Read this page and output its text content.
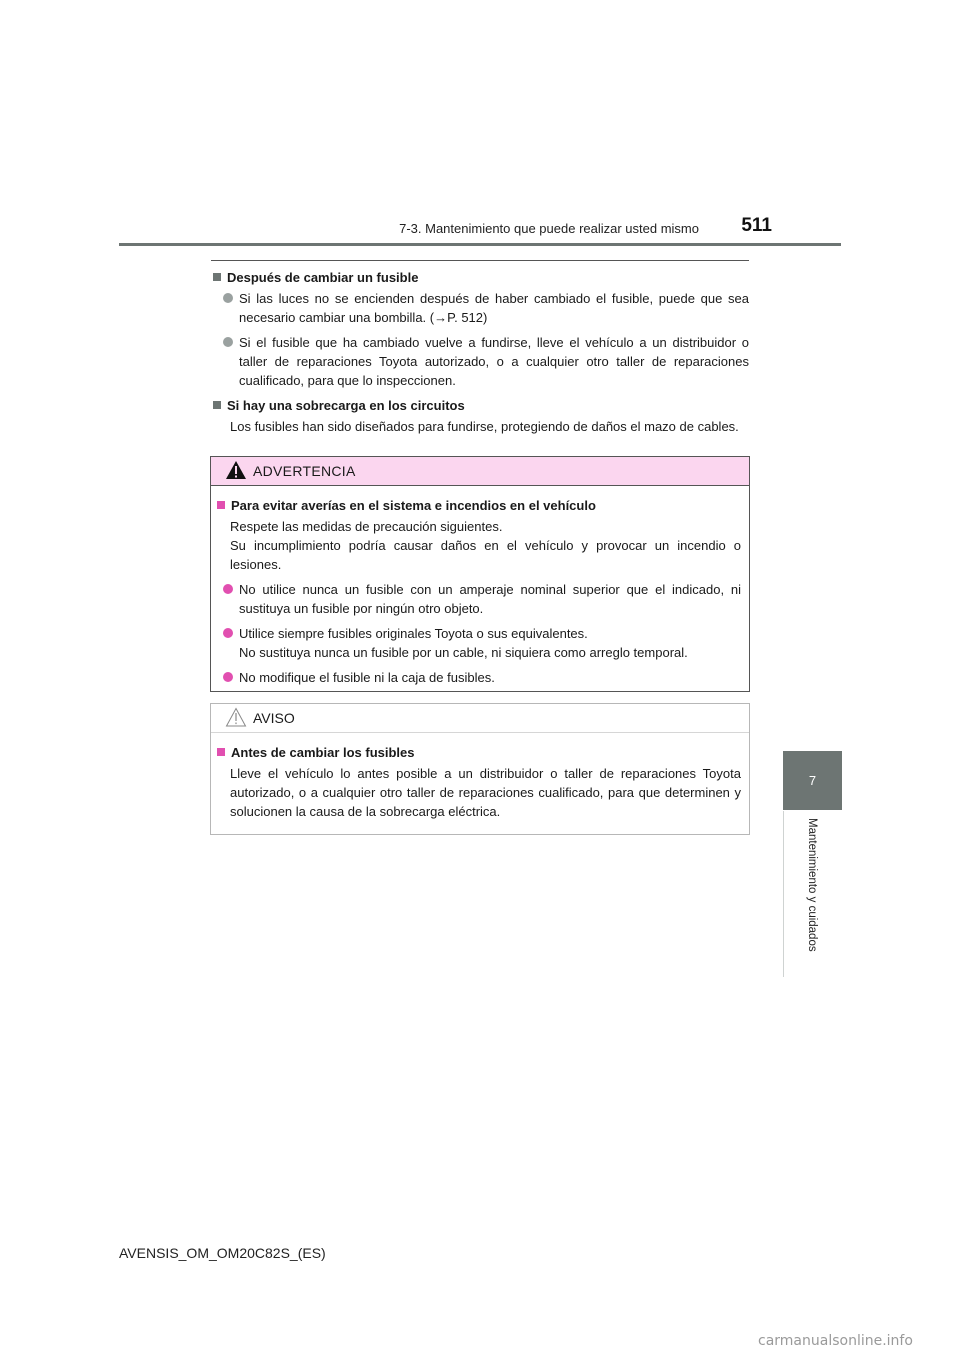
7-3. Mantenimiento que puede realizar usted mismo	511
7
Mantenimiento y cuidados
Después de cambiar un fusible
Si las luces no se encienden después de haber cambiado el fusible, puede que sea necesario cambiar una bombilla. (→P. 512)
Si el fusible que ha cambiado vuelve a fundirse, lleve el vehículo a un distribuidor o taller de reparaciones Toyota autorizado, o a cualquier otro taller de reparaciones cualificado, para que lo inspeccionen.
Si hay una sobrecarga en los circuitos

Los fusibles han sido diseñados para fundirse, protegiendo de daños el mazo de cables.

ADVERTENCIA
Para evitar averías en el sistema e incendios en el vehículo

Respete las medidas de precaución siguientes.
Su incumplimiento podría causar daños en el vehículo y provocar un incendio o lesiones.

No utilice nunca un fusible con un amperaje nominal superior que el indicado, ni sustituya un fusible por ningún otro objeto.
Utilice siempre fusibles originales Toyota o sus equivalentes.
No sustituya nunca un fusible por un cable, ni siquiera como arreglo temporal.
No modifique el fusible ni la caja de fusibles.
AVISO
Antes de cambiar los fusibles

Lleve el vehículo lo antes posible a un distribuidor o taller de reparaciones Toyota autorizado, o a cualquier otro taller de reparaciones cualificado, para que determinen y solucionen la causa de la sobrecarga eléctrica.

AVENSIS_OM_OM20C82S_(ES)
carmanualsonline.info
